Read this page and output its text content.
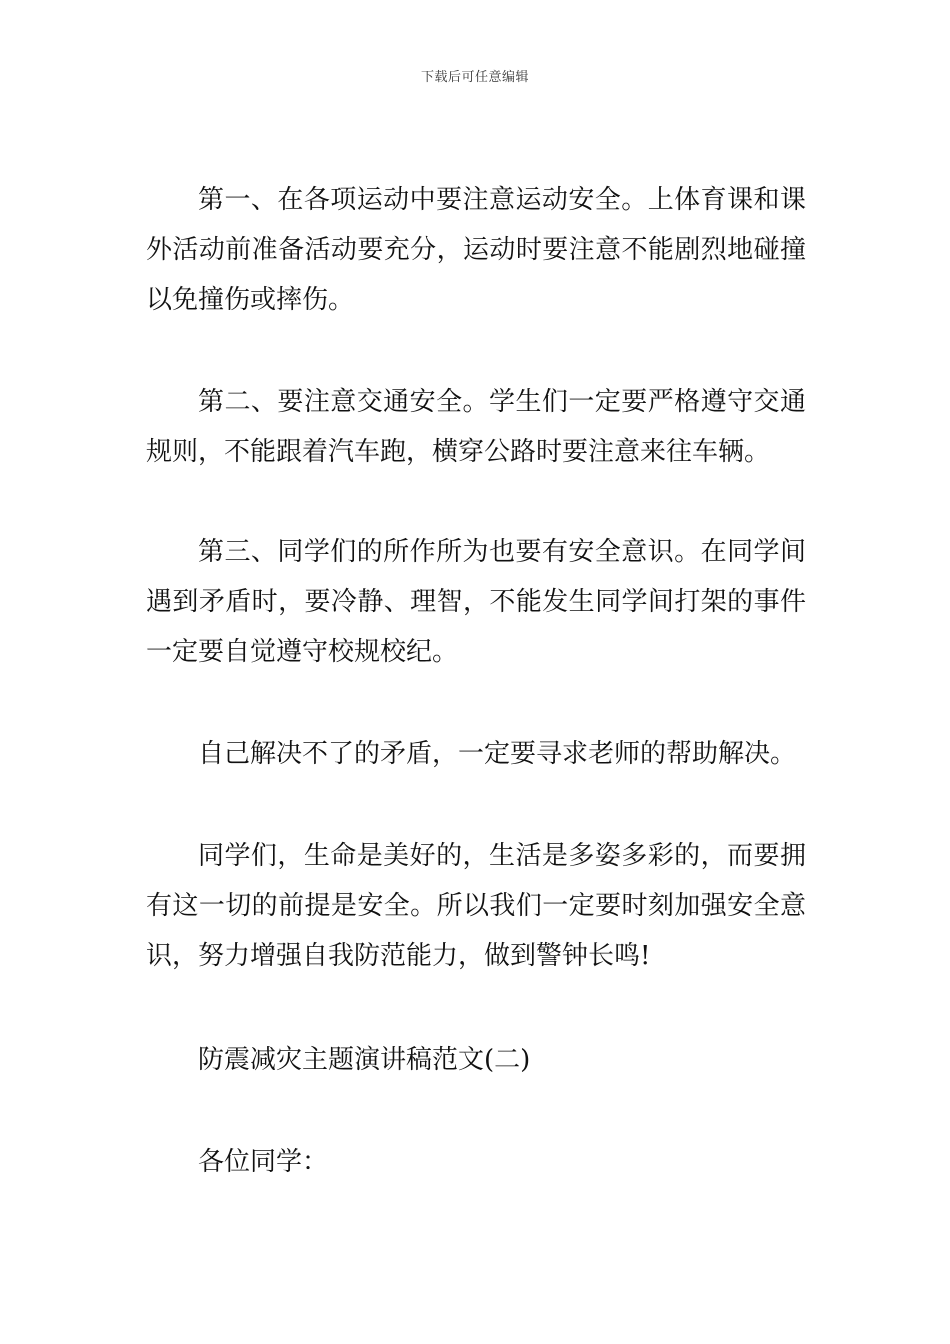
下载后可任意编辑

第一、在各项运动中要注意运动安全。上体育课和课外活动前准备活动要充分，运动时要注意不能剧烈地碰撞以免撞伤或摔伤。

第二、要注意交通安全。学生们一定要严格遵守交通规则，不能跟着汽车跑，横穿公路时要注意来往车辆。

第三、同学们的所作所为也要有安全意识。在同学间遇到矛盾时，要冷静、理智，不能发生同学间打架的事件一定要自觉遵守校规校纪。

自己解决不了的矛盾，一定要寻求老师的帮助解决。

同学们，生命是美好的，生活是多姿多彩的，而要拥有这一切的前提是安全。所以我们一定要时刻加强安全意识，努力增强自我防范能力，做到警钟长鸣!

防震减灾主题演讲稿范文(二)

各位同学：
